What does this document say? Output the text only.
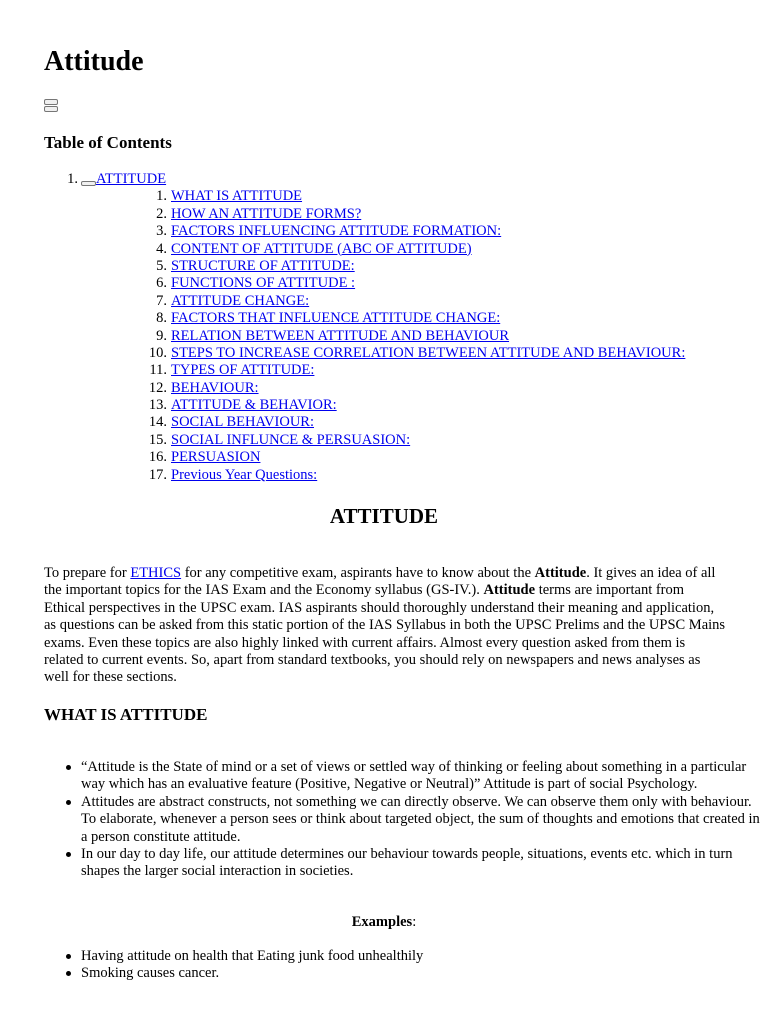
Attitude
Table of Contents
1. ATTITUDE
1. WHAT IS ATTITUDE
2. HOW AN ATTITUDE FORMS?
3. FACTORS INFLUENCING ATTITUDE FORMATION:
4. CONTENT OF ATTITUDE (ABC OF ATTITUDE)
5. STRUCTURE OF ATTITUDE:
6. FUNCTIONS OF ATTITUDE :
7. ATTITUDE CHANGE:
8. FACTORS THAT INFLUENCE ATTITUDE CHANGE:
9. RELATION BETWEEN ATTITUDE AND BEHAVIOUR
10. STEPS TO INCREASE CORRELATION BETWEEN ATTITUDE AND BEHAVIOUR:
11. TYPES OF ATTITUDE:
12. BEHAVIOUR:
13. ATTITUDE & BEHAVIOR:
14. SOCIAL BEHAVIOUR:
15. SOCIAL INFLUNCE & PERSUASION:
16. PERSUASION
17. Previous Year Questions:
ATTITUDE

To prepare for ETHICS for any competitive exam, aspirants have to know about the Attitude. It gives an idea of all the important topics for the IAS Exam and the Economy syllabus (GS-IV.). Attitude terms are important from Ethical perspectives in the UPSC exam. IAS aspirants should thoroughly understand their meaning and application, as questions can be asked from this static portion of the IAS Syllabus in both the UPSC Prelims and the UPSC Mains exams. Even these topics are also highly linked with current affairs. Almost every question asked from them is related to current events. So, apart from standard textbooks, you should rely on newspapers and news analyses as well for these sections.

WHAT IS ATTITUDE
“Attitude is the State of mind or a set of views or settled way of thinking or feeling about something in a particular way which has an evaluative feature (Positive, Negative or Neutral)” Attitude is part of social Psychology.
Attitudes are abstract constructs, not something we can directly observe. We can observe them only with behaviour. To elaborate, whenever a person sees or think about targeted object, the sum of thoughts and emotions that created in a person constitute attitude.
In our day to day life, our attitude determines our behaviour towards people, situations, events etc. which in turn shapes the larger social interaction in societies.

Examples:

Having attitude on health that Eating junk food unhealthily
Smoking causes cancer.
